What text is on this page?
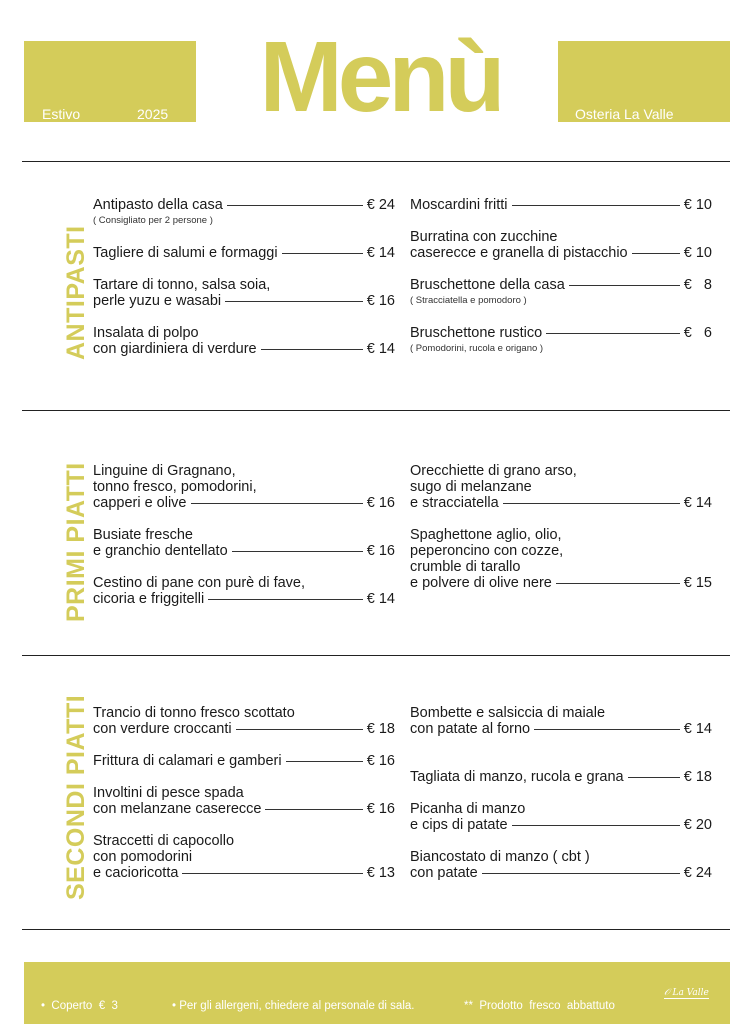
Estivo	2025 Menù	Osteria La Valle
ANTIPASTI
Antipasto della casa	€ 24
( Consigliato per 2 persone )
Tagliere di salumi e formaggi	€ 14
Tartare di tonno, salsa soia,
perle yuzu e wasabi	€ 16
Insalata di polpo
con giardiniera di verdure	€ 14
Moscardini fritti	€ 10
Burratina con zucchine
caserecce e granella di pistacchio	€ 10
Bruschettone della casa	€   8
( Stracciatella e pomodoro )
Bruschettone rustico	€   6
( Pomodorini, rucola e origano )
PRIMI PIATTI Linguine di Gragnano,
tonno fresco, pomodorini,
capperi e olive	€ 16
Busiate fresche
e granchio dentellato	€ 16
Cestino di pane con purè di fave,
cicoria e friggitelli	€ 14
Orecchiette di grano arso,
sugo di melanzane
e stracciatella	€ 14
Spaghettone aglio, olio,
peperoncino con cozze,
crumble di tarallo
e polvere di olive nere	€ 15
SECONDI PIATTI Trancio di tonno fresco scottato
con verdure croccanti	€ 18
Frittura di calamari e gamberi	€ 16
Involtini di pesce spada
con melanzane caserecce	€ 16
Straccetti di capocollo
con pomodorini
e cacioricotta	€ 13
Bombette e salsiccia di maiale
con patate al forno	€ 14
Tagliata di manzo, rucola e grana	€ 18
Picanha di manzo
e cips di patate	€ 20
Biancostato di manzo ( cbt )
con patate	€ 24
•  Coperto  €  3	• Per gli allergeni, chiedere al personale di sala.	**  Prodotto  fresco  abbattuto
𝒪 La Valle
